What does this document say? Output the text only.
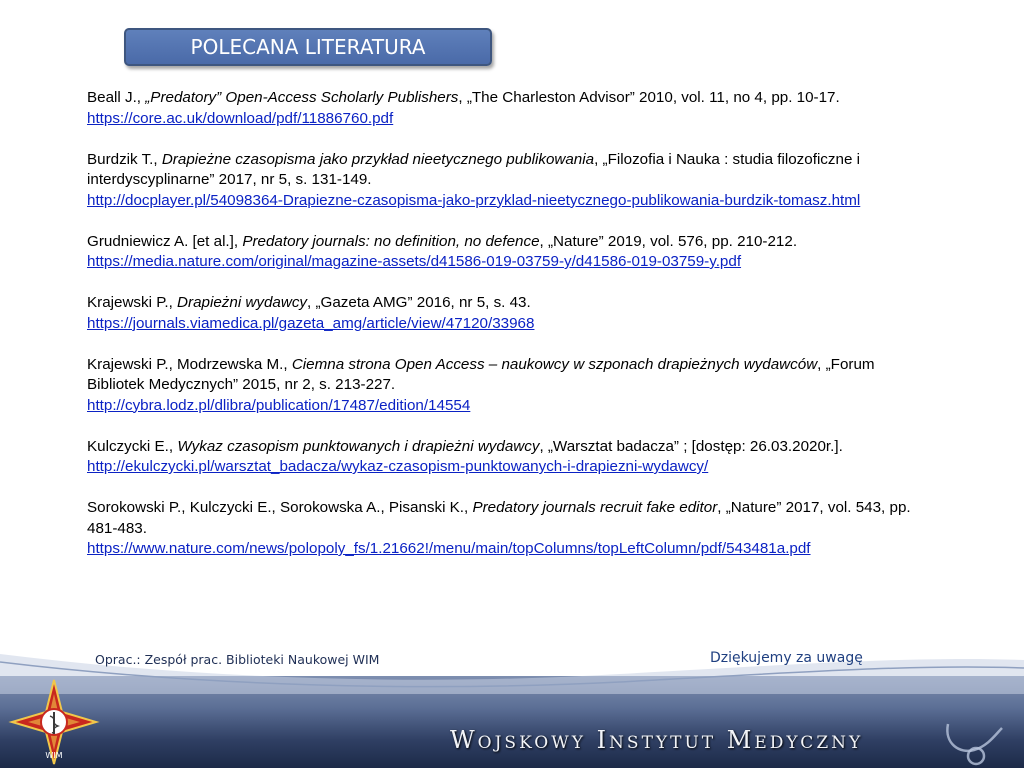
POLECANA LITERATURA
Beall J., „Predatory” Open-Access Scholarly Publishers, „The Charleston Advisor” 2010, vol. 11, no 4, pp. 10-17.
https://core.ac.uk/download/pdf/11886760.pdf
Burdzik T., Drapieżne czasopisma jako przykład nieetycznego publikowania, „Filozofia i Nauka : studia filozoficzne i interdyscyplinarne” 2017, nr 5, s. 131-149.
http://docplayer.pl/54098364-Drapiezne-czasopisma-jako-przyklad-nieetycznego-publikowania-burdzik-tomasz.html
Grudniewicz A. [et al.], Predatory journals: no definition, no defence, „Nature” 2019, vol. 576, pp. 210-212.
https://media.nature.com/original/magazine-assets/d41586-019-03759-y/d41586-019-03759-y.pdf
Krajewski P., Drapieżni wydawcy, „Gazeta AMG” 2016, nr 5, s. 43.
https://journals.viamedica.pl/gazeta_amg/article/view/47120/33968
Krajewski P., Modrzewska M., Ciemna strona Open Access – naukowcy w szponach drapieżnych wydawców, „Forum Bibliotek Medycznych” 2015, nr 2, s. 213-227.
http://cybra.lodz.pl/dlibra/publication/17487/edition/14554
Kulczycki E., Wykaz czasopism punktowanych i drapieżni wydawcy, „Warsztat badacza” ; [dostęp: 26.03.2020r.].
http://ekulczycki.pl/warsztat_badacza/wykaz-czasopism-punktowanych-i-drapiezni-wydawcy/
Sorokowski P., Kulczycki E., Sorokowska A., Pisanski K., Predatory journals recruit fake editor, „Nature” 2017, vol. 543, pp. 481-483.
https://www.nature.com/news/polopoly_fs/1.21662!/menu/main/topColumns/topLeftColumn/pdf/543481a.pdf
Oprac.: Zespół prac. Biblioteki Naukowej WIM	Dziękujemy za uwagę
Wojskowy Instytut Medyczny
WIM
